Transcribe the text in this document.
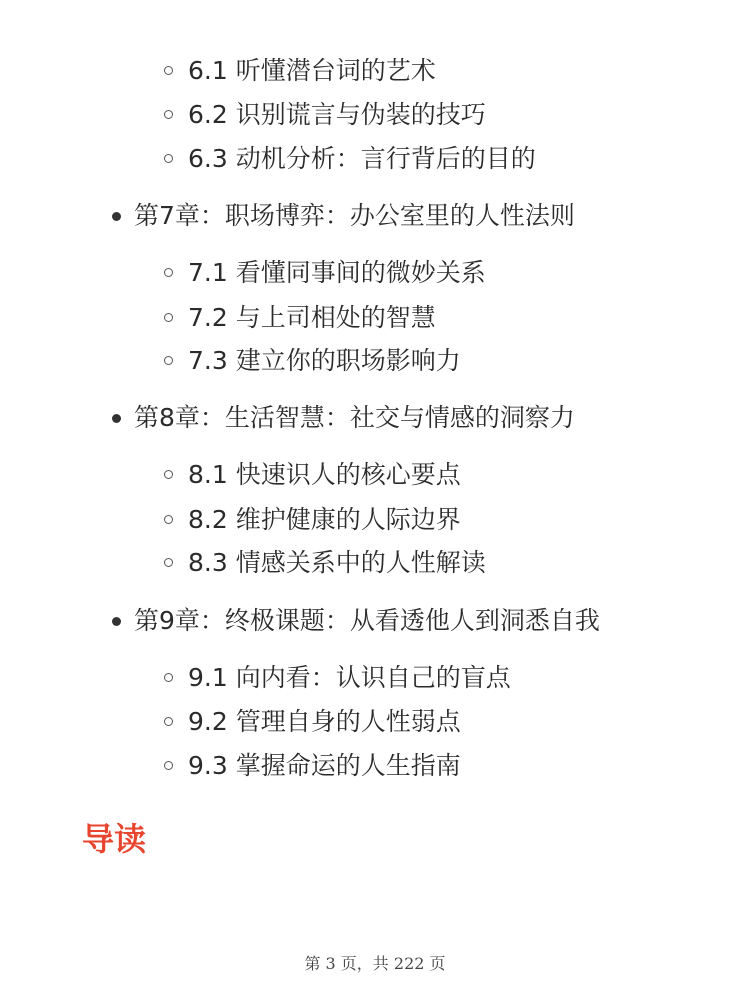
6.1 听懂潜台词的艺术
6.2 识别谎言与伪装的技巧
6.3 动机分析：言行背后的目的
第7章：职场博弈：办公室里的人性法则
7.1 看懂同事间的微妙关系
7.2 与上司相处的智慧
7.3 建立你的职场影响力
第8章：生活智慧：社交与情感的洞察力
8.1 快速识人的核心要点
8.2 维护健康的人际边界
8.3 情感关系中的人性解读
第9章：终极课题：从看透他人到洞悉自我
9.1 向内看：认识自己的盲点
9.2 管理自身的人性弱点
9.3 掌握命运的人生指南
导读
第 3 页，共 222 页
